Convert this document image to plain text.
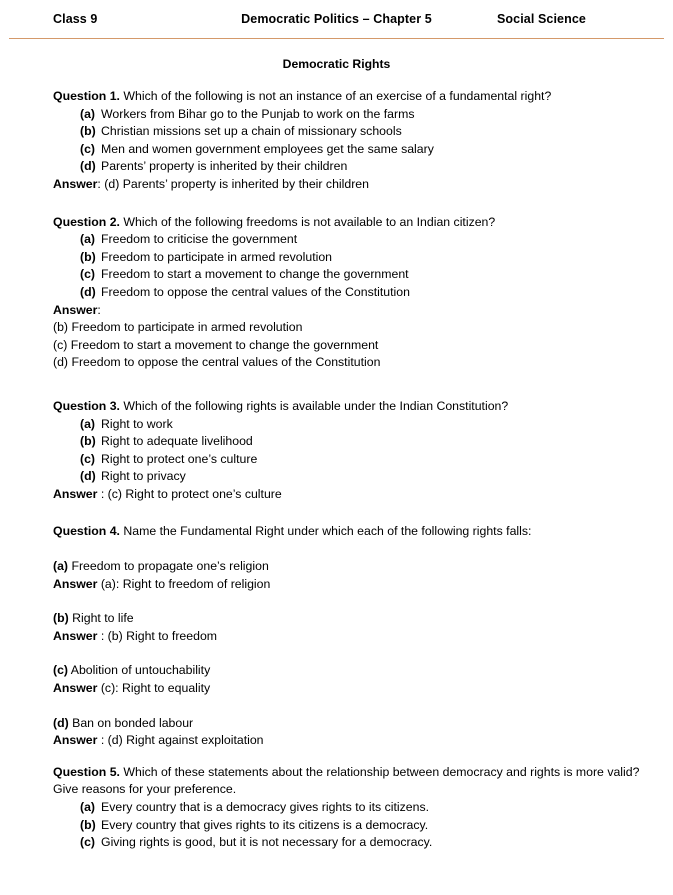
Class 9	Democratic Politics – Chapter 5	Social Science
Democratic Rights

Question 1. Which of the following is not an instance of an exercise of a fundamental right?

(a) Workers from Bihar go to the Punjab to work on the farms
(b) Christian missions set up a chain of missionary schools
(c) Men and women government employees get the same salary
(d) Parents’ property is inherited by their children

Answer: (d) Parents’ property is inherited by their children

Question 2. Which of the following freedoms is not available to an Indian citizen?

(a) Freedom to criticise the government
(b) Freedom to participate in armed revolution
(c) Freedom to start a movement to change the government
(d) Freedom to oppose the central values of the Constitution

Answer:

(b) Freedom to participate in armed revolution
(c) Freedom to start a movement to change the government
(d) Freedom to oppose the central values of the Constitution

Question 3. Which of the following rights is available under the Indian Constitution?

(a) Right to work
(b) Right to adequate livelihood
(c) Right to protect one’s culture
(d) Right to privacy

Answer : (c) Right to protect one’s culture

Question 4. Name the Fundamental Right under which each of the following rights falls:

(a) Freedom to propagate one’s religion

Answer (a): Right to freedom of religion

(b) Right to life

Answer : (b) Right to freedom

(c) Abolition of untouchability

Answer (c): Right to equality

(d) Ban on bonded labour

Answer : (d) Right against exploitation

Question 5. Which of these statements about the relationship between democracy and rights is more valid? Give reasons for your preference.

(a) Every country that is a democracy gives rights to its citizens.
(b) Every country that gives rights to its citizens is a democracy.
(c) Giving rights is good, but it is not necessary for a democracy.
